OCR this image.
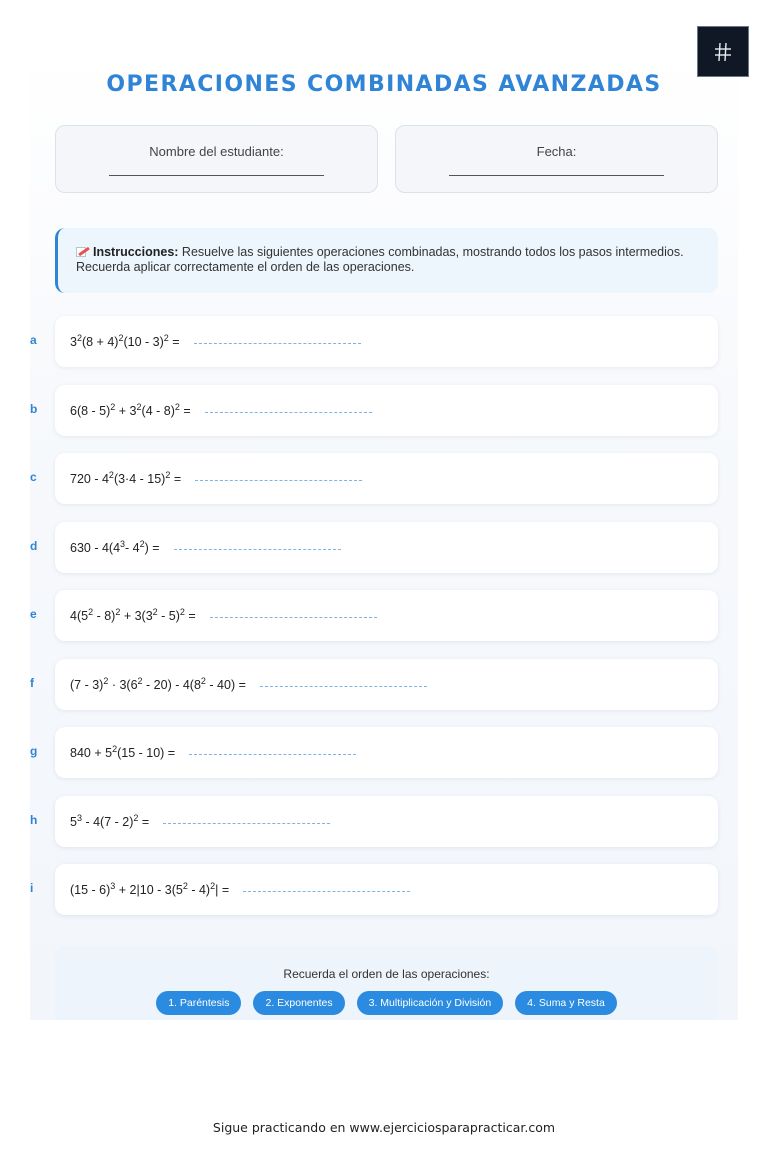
OPERACIONES COMBINADAS AVANZADAS
Nombre del estudiante:	Fecha:
Instrucciones: Resuelve las siguientes operaciones combinadas, mostrando todos los pasos intermedios. Recuerda aplicar correctamente el orden de las operaciones.
a	$3^2(8 + 4)^2(10 - 3)^2$ =
b	$6(8 - 5)^2 + 3^2(4 - 8)^2$ =
c	$720 - 4^2(3\cdot 4 - 15)^2$ =
d	$630 - 4(4^3-$ $4^2$) =
e	$4(5^2 - 8)^2 + 3(3^2 - 5)^2$ =
f	$(7 - 3)^2 \cdot 3(6^2 - 20) - 4(8^2 - 40)$ =
g	$840 + 5^2(15 - 10)$ =
h	$5^3 - 4(7 - 2)^2$ =
i	$(15 - 6)^3 + 2|10 - 3(5^2 - 4)^2|$ =
Recuerda el orden de las operaciones:
1. Paréntesis	2. Exponentes	3. Multiplicación y División	4. Suma y Resta
Sigue practicando en www.ejerciciosparapracticar.com
